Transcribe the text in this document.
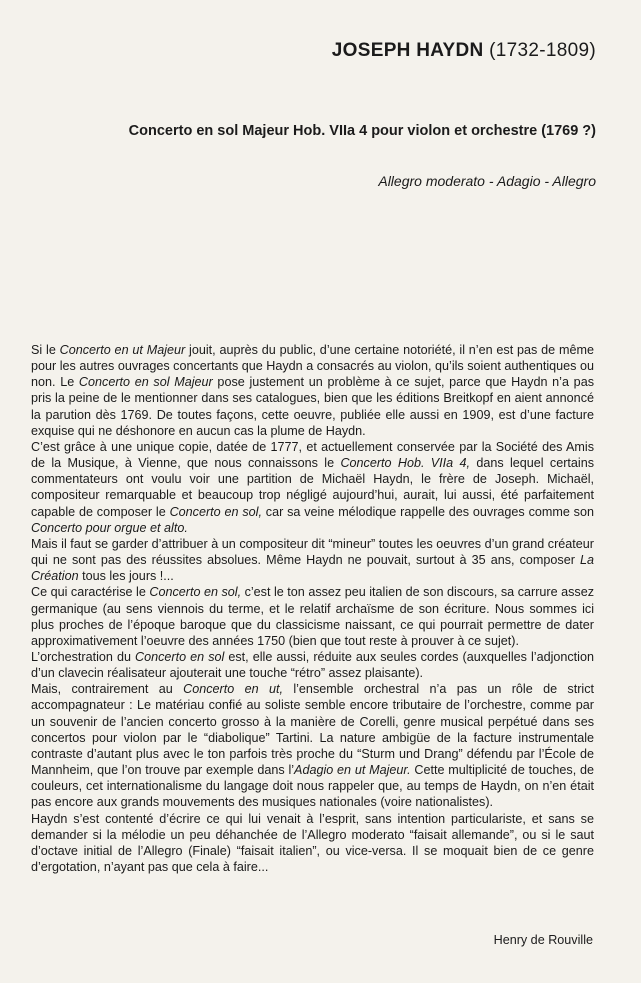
JOSEPH HAYDN (1732-1809)
Concerto en sol Majeur Hob. VIIa 4 pour violon et orchestre (1769 ?)
Allegro moderato - Adagio - Allegro

Si le Concerto en ut Majeur jouit, auprès du public, d’une certaine notoriété, il n’en est pas de même pour les autres ouvrages concertants que Haydn a consacrés au violon, qu’ils soient authentiques ou non. Le Concerto en sol Majeur pose justement un problème à ce sujet, parce que Haydn n’a pas pris la peine de le mentionner dans ses catalogues, bien que les éditions Breitkopf en aient annoncé la parution dès 1769. De toutes façons, cette oeuvre, publiée elle aussi en 1909, est d’une facture exquise qui ne déshonore en aucun cas la plume de Haydn.

C’est grâce à une unique copie, datée de 1777, et actuellement conservée par la Société des Amis de la Musique, à Vienne, que nous connaissons le Concerto Hob. VIIa 4, dans lequel certains commentateurs ont voulu voir une partition de Michaël Haydn, le frère de Joseph. Michaël, compositeur remarquable et beaucoup trop négligé aujourd’hui, aurait, lui aussi, été parfaitement capable de composer le Concerto en sol, car sa veine mélodique rappelle des ouvrages comme son Concerto pour orgue et alto.

Mais il faut se garder d’attribuer à un compositeur dit “mineur” toutes les oeuvres d’un grand créateur qui ne sont pas des réussites absolues. Même Haydn ne pouvait, surtout à 35 ans, composer La Création tous les jours !...

Ce qui caractérise le Concerto en sol, c’est le ton assez peu italien de son discours, sa carrure assez germanique (au sens viennois du terme, et le relatif archaïsme de son écriture. Nous sommes ici plus proches de l’époque baroque que du classicisme naissant, ce qui pourrait permettre de dater approximativement l’oeuvre des années 1750 (bien que tout reste à prouver à ce sujet).

L’orchestration du Concerto en sol est, elle aussi, réduite aux seules cordes (auxquelles l’adjonction d’un clavecin réalisateur ajouterait une touche “rétro” assez plaisante).

Mais, contrairement au Concerto en ut, l’ensemble orchestral n’a pas un rôle de strict accompagnateur : Le matériau confié au soliste semble encore tributaire de l’orchestre, comme par un souvenir de l’ancien concerto grosso à la manière de Corelli, genre musical perpétué dans ses concertos pour violon par le “diabolique” Tartini. La nature ambigüe de la facture instrumentale contraste d’autant plus avec le ton parfois très proche du “Sturm und Drang” défendu par l’École de Mannheim, que l’on trouve par exemple dans l’Adagio en ut Majeur. Cette multiplicité de touches, de couleurs, cet internationalisme du langage doit nous rappeler que, au temps de Haydn, on n’en était pas encore aux grands mouvements des musiques nationales (voire nationalistes).

Haydn s’est contenté d’écrire ce qui lui venait à l’esprit, sans intention particulariste, et sans se demander si la mélodie un peu déhanchée de l’Allegro moderato “faisait allemande”, ou si le saut d’octave initial de l’Allegro (Finale) “faisait italien”, ou vice-versa. Il se moquait bien de ce genre d’ergotation, n’ayant pas que cela à faire...

Henry de Rouville
